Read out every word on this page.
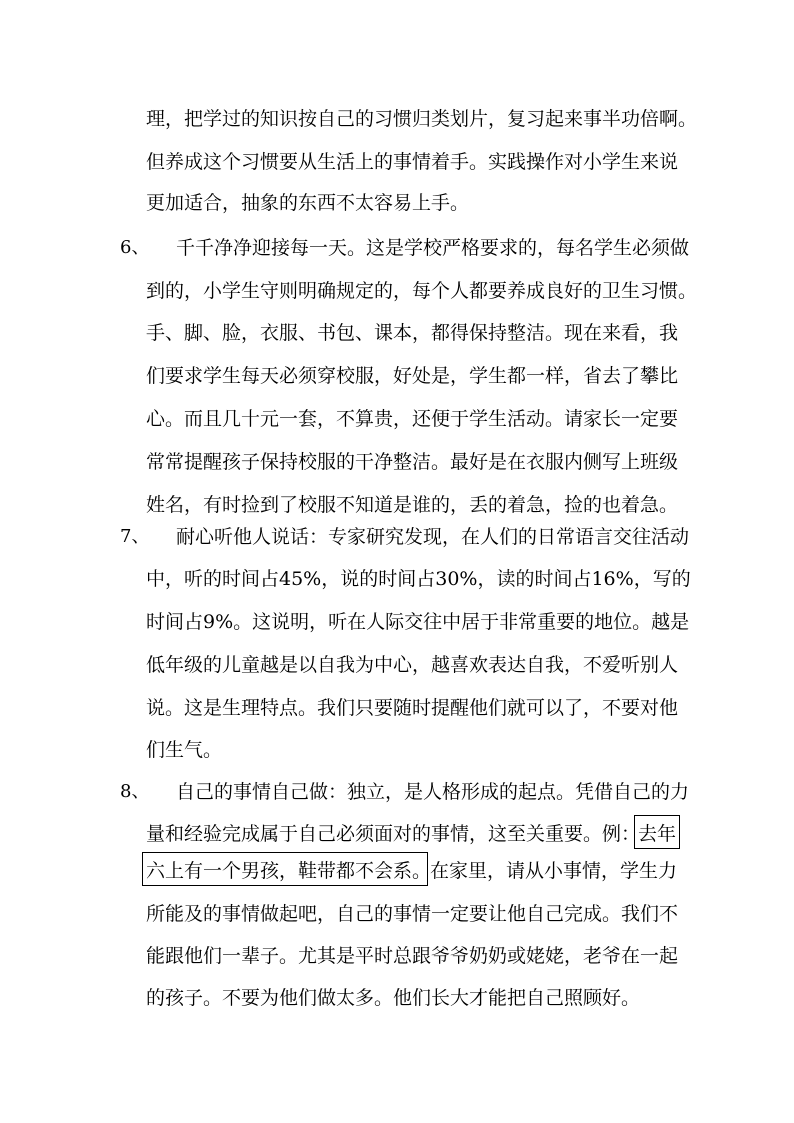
理，把学过的知识按自己的习惯归类划片，复习起来事半功倍啊。
但养成这个习惯要从生活上的事情着手。实践操作对小学生来说
更加适合，抽象的东西不太容易上手。
6、 千千净净迎接每一天。这是学校严格要求的，每名学生必须做
到的，小学生守则明确规定的，每个人都要养成良好的卫生习惯。
手、脚、脸，衣服、书包、课本，都得保持整洁。现在来看，我
们要求学生每天必须穿校服，好处是，学生都一样，省去了攀比
心。而且几十元一套，不算贵，还便于学生活动。请家长一定要
常常提醒孩子保持校服的干净整洁。最好是在衣服内侧写上班级
姓名，有时捡到了校服不知道是谁的，丢的着急，捡的也着急。
7、 耐心听他人说话：专家研究发现，在人们的日常语言交往活动
中，听的时间占45%，说的时间占30%，读的时间占16%，写的
时间占9%。这说明，听在人际交往中居于非常重要的地位。越是
低年级的儿童越是以自我为中心，越喜欢表达自我，不爱听别人
说。这是生理特点。我们只要随时提醒他们就可以了，不要对他
们生气。
8、 自己的事情自己做：独立，是人格形成的起点。凭借自己的力
量和经验完成属于自己必须面对的事情，这至关重要。例：
去年
六上有一个男孩，鞋带都不会系。
在家里，请从小事情，学生力
所能及的事情做起吧，自己的事情一定要让他自己完成。我们不
能跟他们一辈子。尤其是平时总跟爷爷奶奶或姥姥，老爷在一起
的孩子。不要为他们做太多。他们长大才能把自己照顾好。
